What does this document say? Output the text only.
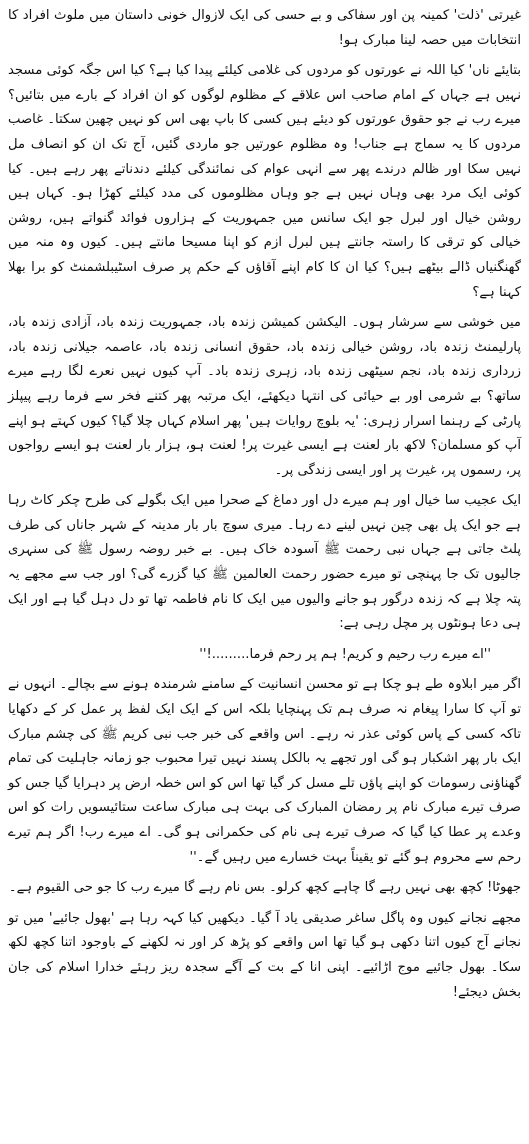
غیرتی 'ذلت' کمینہ پن اور سفاکی و بے حسی کی ایک لازوال خونی داستان میں ملوث افراد کا انتخابات میں حصہ لینا مبارک ہو!

بتایئے ناں' کیا اللہ نے عورتوں کو مردوں کی غلامی کیلئے پیدا کیا ہے؟ کیا اس جگہ کوئی مسجد نہیں ہے جہاں کے امام صاحب اس علاقے کے مظلوم لوگوں کو ان افراد کے بارے میں بتائیں؟ میرے رب نے جو حقوق عورتوں کو دیئے ہیں کسی کا باپ بھی اس کو نہیں چھین سکتا۔ غاصب مردوں کا یہ سماج ہے جناب! وہ مظلوم عورتیں جو ماردی گئیں، آج تک ان کو انصاف مل نہیں سکا اور ظالم درندے پھر سے انہی عوام کی نمائندگی کیلئے دندناتے پھر رہے ہیں۔ کیا کوئی ایک مرد بھی وہاں نہیں ہے جو وہاں مظلوموں کی مدد کیلئے کھڑا ہو۔ کہاں ہیں روشن خیال اور لبرل جو ایک سانس میں جمہوریت کے ہزاروں فوائد گنواتے ہیں، روشن خیالی کو ترقی کا راستہ جانتے ہیں لبرل ازم کو اپنا مسیحا مانتے ہیں۔ کیوں وہ منہ میں گھنگنیاں ڈالے بیٹھے ہیں؟ کیا ان کا کام اپنے آقاؤں کے حکم پر صرف اسٹیبلشمنٹ کو برا بھلا کہنا ہے؟

میں خوشی سے سرشار ہوں۔ الیکشن کمیشن زندہ باد، جمہوریت زندہ باد، آزادی زندہ باد، پارلیمنٹ زندہ باد، روشن خیالی زندہ باد، حقوق انسانی زندہ باد، عاصمہ جیلانی زندہ باد، زرداری زندہ باد، نجم سیٹھی زندہ باد، زہری زندہ باد۔ آپ کیوں نہیں نعرے لگا رہے میرے ساتھ؟ بے شرمی اور بے حیائی کی انتہا دیکھئے، ایک مرتبہ پھر کتنے فخر سے فرما رہے پیپلز پارٹی کے رہنما اسرار زہری: 'یہ بلوچ روایات ہیں' پھر اسلام کہاں چلا گیا؟ کیوں کہتے ہو اپنے آپ کو مسلمان؟ لاکھ بار لعنت ہے ایسی غیرت پر! لعنت ہو، ہزار بار لعنت ہو ایسے رواجوں پر، رسموں پر، غیرت پر اور ایسی زندگی پر۔

ایک عجیب سا خیال اور ہم میرے دل اور دماغ کے صحرا میں ایک بگولے کی طرح چکر کاٹ رہا ہے جو ایک پل بھی چین نہیں لینے دے رہا۔ میری سوچ بار بار مدینہ کے شہر جاناں کی طرف پلٹ جاتی ہے جہاں نبی رحمت ﷺ آسودہ خاک ہیں۔ بے خبر روضہ رسول ﷺ کی سنہری جالیوں تک جا پہنچی تو میرے حضور رحمت العالمین ﷺ کیا گزرے گی؟ اور جب سے مجھے یہ پتہ چلا ہے کہ زندہ درگور ہو جانے والیوں میں ایک کا نام فاطمہ تھا تو دل دہل گیا ہے اور ایک ہی دعا ہونٹوں پر مچل رہی ہے:

''اے میرے رب رحیم و کریم! ہم پر رحم فرما.........!''

اگر میر ابلاوہ طے ہو چکا ہے تو محسن انسانیت کے سامنے شرمندہ ہونے سے بچالے۔ انہوں نے تو آپ کا سارا پیغام نہ صرف ہم تک پہنچایا بلکہ اس کے ایک ایک لفظ پر عمل کر کے دکھایا تاکہ کسی کے پاس کوئی عذر نہ رہے۔ اس واقعے کی خبر جب نبی کریم ﷺ کی چشم مبارک ایک بار پھر اشکبار ہو گی اور تجھے یہ بالکل پسند نہیں تیرا محبوب جو زمانہ جاہلیت کی تمام گھناؤنی رسومات کو اپنے پاؤں تلے مسل کر گیا تھا اس کو اس خطہ ارض پر دہرایا گیا جس کو صرف تیرے مبارک نام پر رمضان المبارک کی بہت ہی مبارک ساعت ستائیسویں رات کو اس وعدے پر عطا کیا گیا کہ صرف تیرے ہی نام کی حکمرانی ہو گی۔ اے میرے رب! اگر ہم تیرے رحم سے محروم ہو گئے تو یقیناً بہت خسارے میں رہیں گے۔''

جھوٹا! کچھ بھی نہیں رہے گا چاہے کچھ کرلو۔ بس نام رہے گا میرے رب کا جو حی القیوم ہے۔

مجھے نجانے کیوں وہ پاگل ساغر صدیقی یاد آ گیا۔ دیکھیں کیا کہہ رہا ہے 'بھول جائیے' میں تو نجانے آج کیوں اتنا دکھی ہو گیا تھا اس واقعے کو پڑھ کر اور نہ لکھنے کے باوجود اتنا کچھ لکھ سکا۔ بھول جائیے موج اڑائیے۔ اپنی انا کے بت کے آگے سجدہ ریز رہئے خدارا اسلام کی جان بخش دیجئے!
